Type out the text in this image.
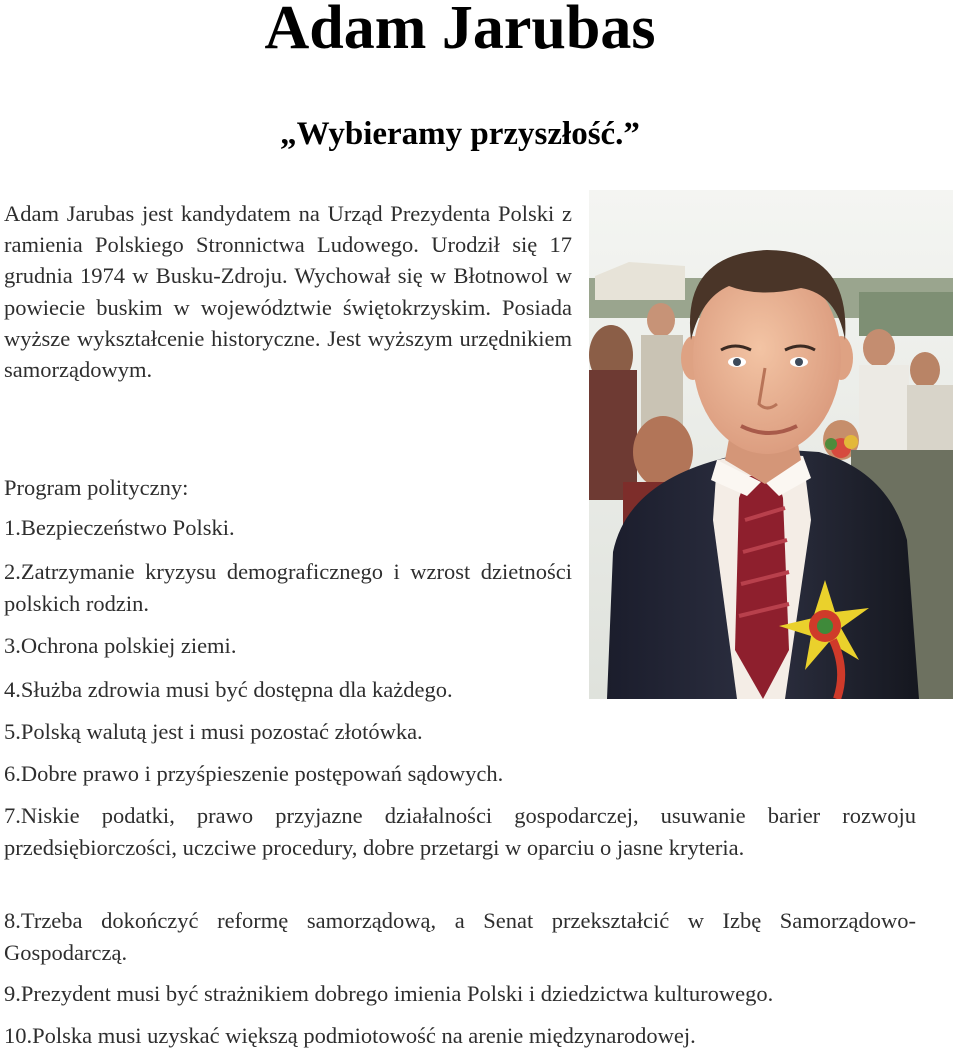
Adam Jarubas
„Wybieramy przyszłość.”

Adam Jarubas jest kandydatem na Urząd Prezydenta Polski z ramienia Polskiego Stronnictwa Ludowego. Urodził się 17 grudnia 1974 w Busku-Zdroju. Wychował się w Błotnowol w powiecie buskim w województwie świętokrzyskim. Posiada wyższe wykształcenie historyczne. Jest wyższym urzędnikiem samorządowym.

Program polityczny:

1.Bezpieczeństwo Polski.

2.Zatrzymanie kryzysu demograficznego i wzrost dzietności polskich rodzin.

3.Ochrona polskiej ziemi.

4.Służba zdrowia musi być dostępna dla każdego.

5.Polską walutą jest i musi pozostać złotówka.

6.Dobre prawo i przyśpieszenie postępowań sądowych.

7.Niskie podatki, prawo przyjazne działalności gospodarczej, usuwanie barier rozwoju przedsiębiorczości, uczciwe procedury, dobre przetargi w oparciu o jasne kryteria.

8.Trzeba dokończyć reformę samorządową, a Senat przekształcić w Izbę Samorządowo-Gospodarczą.

9.Prezydent musi być strażnikiem dobrego imienia Polski i dziedzictwa kulturowego.

10.Polska musi uzyskać większą podmiotowość na arenie międzynarodowej.
